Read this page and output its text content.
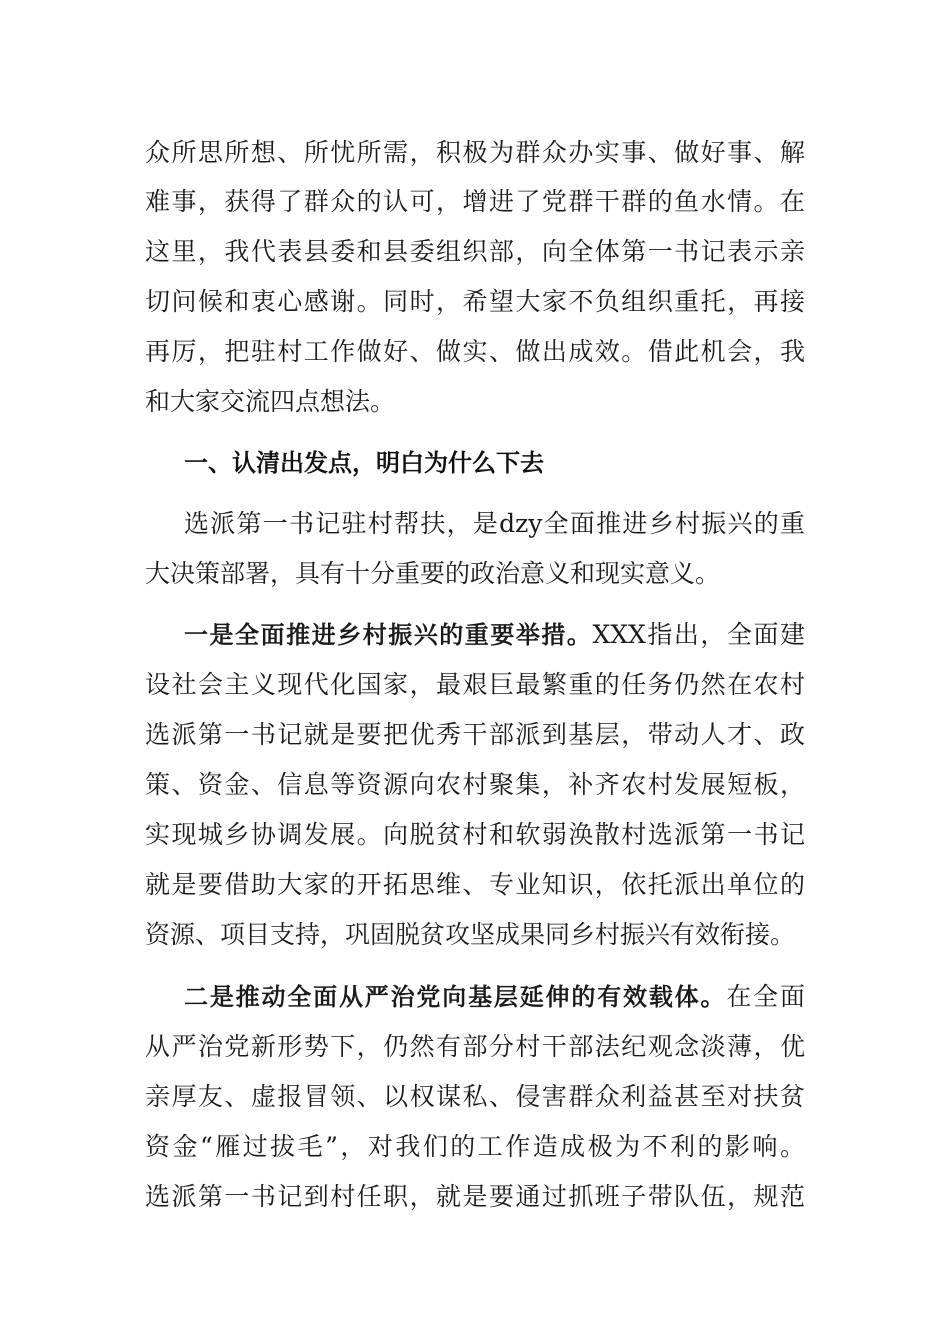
众所思所想、所忧所需，积极为群众办实事、做好事、解
难事，获得了群众的认可，增进了党群干群的鱼水情。在
这里，我代表县委和县委组织部，向全体第一书记表示亲
切问候和衷心感谢。同时，希望大家不负组织重托，再接
再厉，把驻村工作做好、做实、做出成效。借此机会，我
和大家交流四点想法。
一、认清出发点，明白为什么下去
选派第一书记驻村帮扶，是dzy全面推进乡村振兴的重
大决策部署，具有十分重要的政治意义和现实意义。
一是全面推进乡村振兴的重要举措。XXX指出，全面建
设社会主义现代化国家，最艰巨最繁重的任务仍然在农村
选派第一书记就是要把优秀干部派到基层，带动人才、政
策、资金、信息等资源向农村聚集，补齐农村发展短板，
实现城乡协调发展。向脱贫村和软弱涣散村选派第一书记
就是要借助大家的开拓思维、专业知识，依托派出单位的
资源、项目支持，巩固脱贫攻坚成果同乡村振兴有效衔接。
二是推动全面从严治党向基层延伸的有效载体。在全面
从严治党新形势下，仍然有部分村干部法纪观念淡薄，优
亲厚友、虚报冒领、以权谋私、侵害群众利益甚至对扶贫
资金“雁过拔毛”，对我们的工作造成极为不利的影响。
选派第一书记到村任职，就是要通过抓班子带队伍，规范
